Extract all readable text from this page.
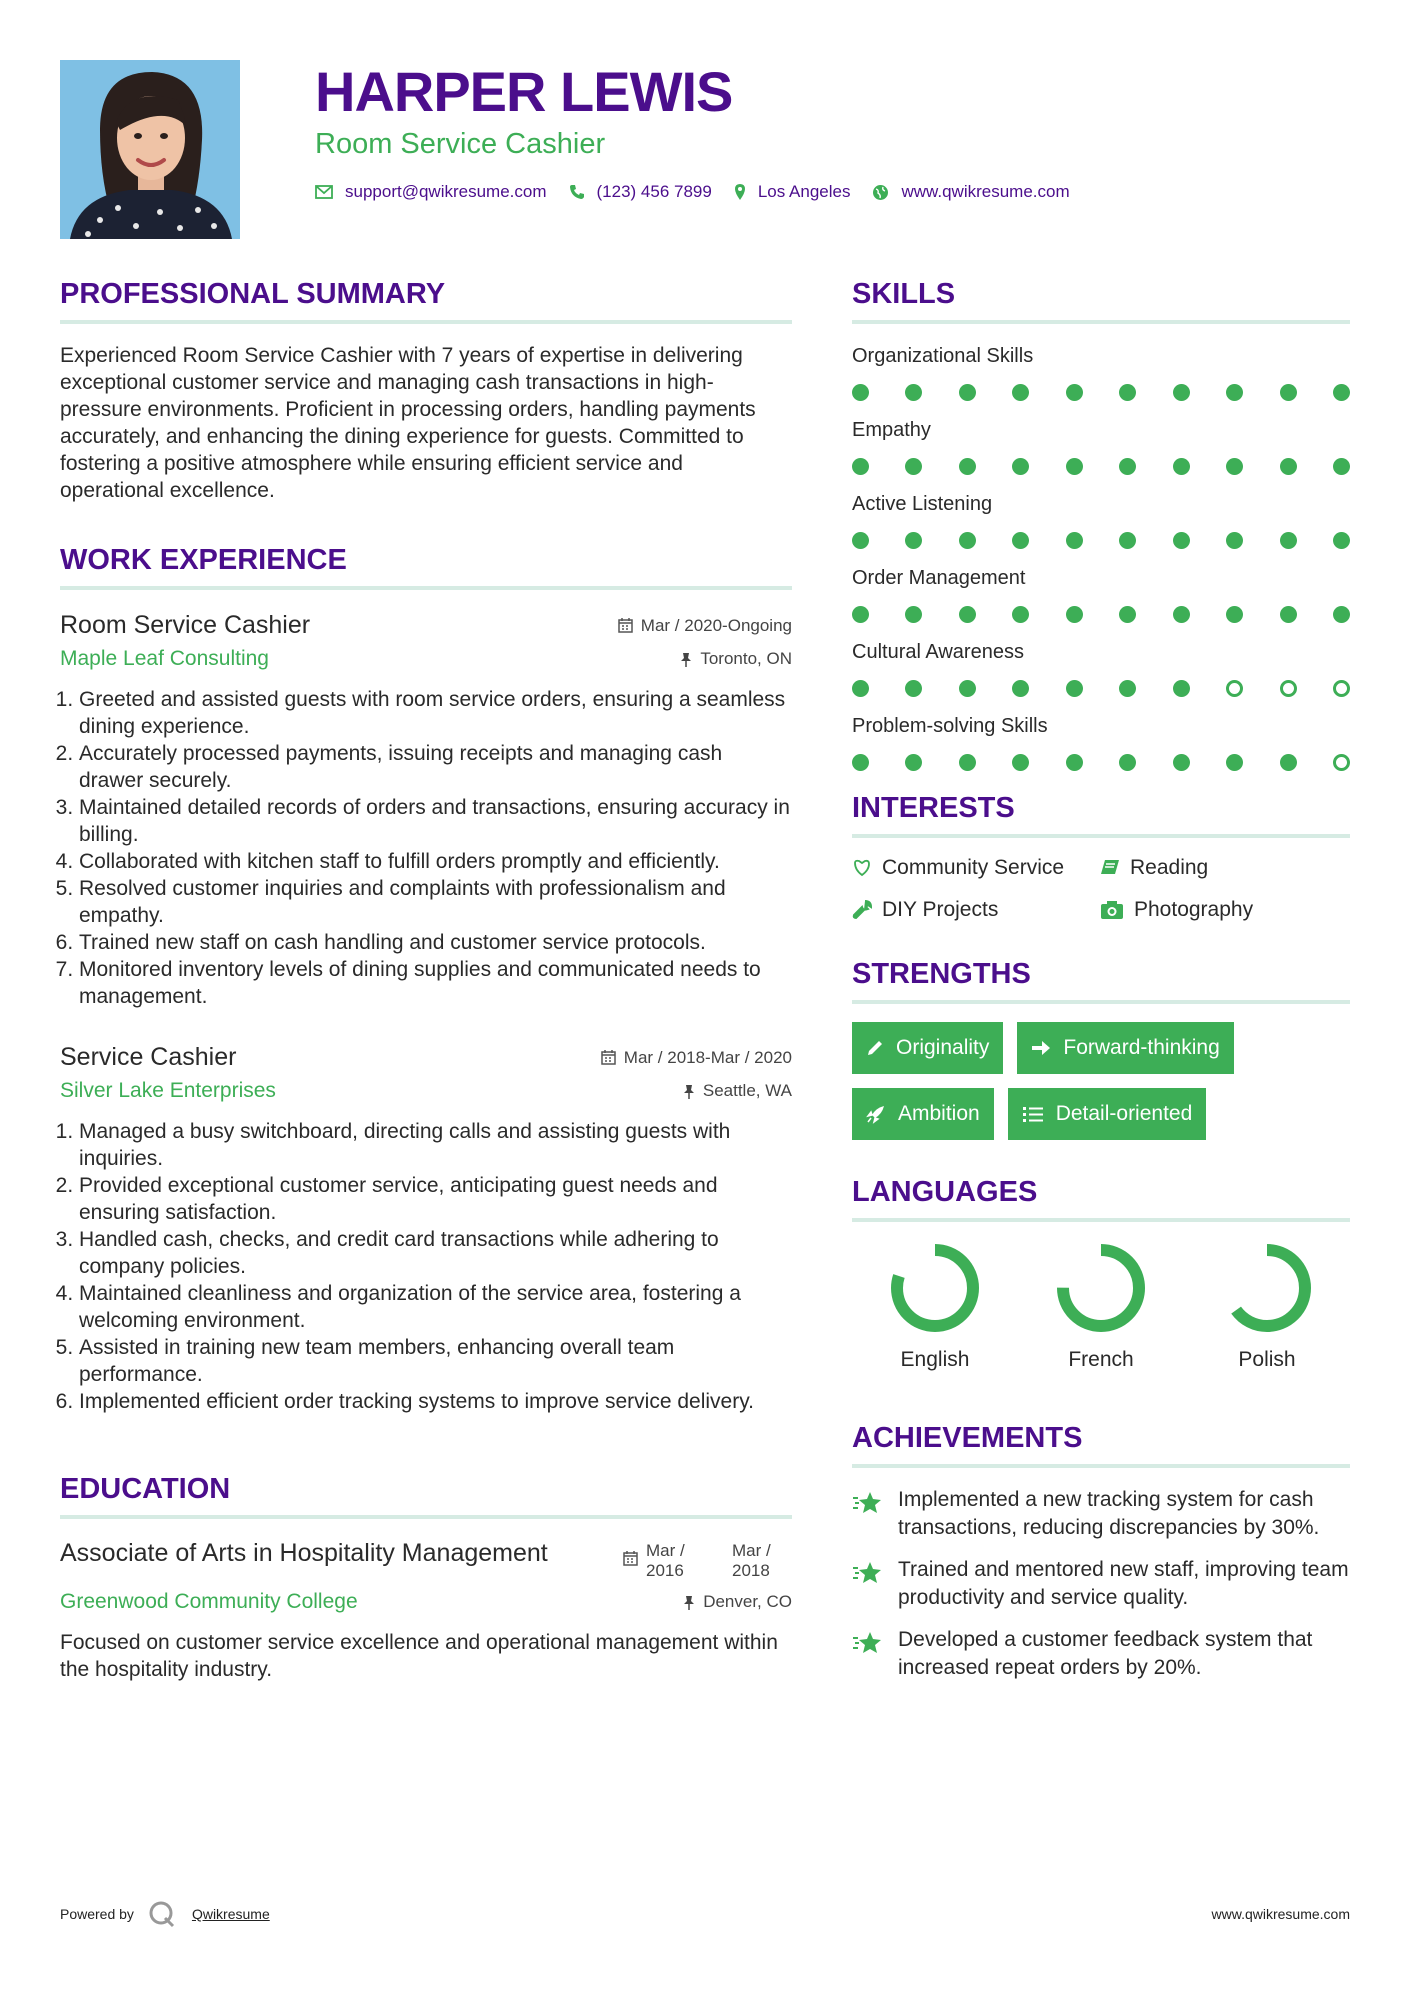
HARPER LEWIS
Room Service Cashier
support@qwikresume.com	(123) 456 7899	Los Angeles	www.qwikresume.com
PROFESSIONAL SUMMARY

Experienced Room Service Cashier with 7 years of expertise in delivering exceptional customer service and managing cash transactions in high-pressure environments. Proficient in processing orders, handling payments accurately, and enhancing the dining experience for guests. Committed to fostering a positive atmosphere while ensuring efficient service and operational excellence.

WORK EXPERIENCE
Room Service Cashier	Mar / 2020-Ongoing
Maple Leaf Consulting	Toronto, ON
1. Greeted and assisted guests with room service orders, ensuring a seamless dining experience.
2. Accurately processed payments, issuing receipts and managing cash drawer securely.
3. Maintained detailed records of orders and transactions, ensuring accuracy in billing.
4. Collaborated with kitchen staff to fulfill orders promptly and efficiently.
5. Resolved customer inquiries and complaints with professionalism and empathy.
6. Trained new staff on cash handling and customer service protocols.
7. Monitored inventory levels of dining supplies and communicated needs to management.
Service Cashier	Mar / 2018-Mar / 2020
Silver Lake Enterprises	Seattle, WA
1. Managed a busy switchboard, directing calls and assisting guests with inquiries.
2. Provided exceptional customer service, anticipating guest needs and ensuring satisfaction.
3. Handled cash, checks, and credit card transactions while adhering to company policies.
4. Maintained cleanliness and organization of the service area, fostering a welcoming environment.
5. Assisted in training new team members, enhancing overall team performance.
6. Implemented efficient order tracking systems to improve service delivery.
EDUCATION
Associate of Arts in Hospitality Management	Mar / 2016
Mar / 2018
Greenwood Community College	Denver, CO

Focused on customer service excellence and operational management within the hospitality industry.

SKILLS
Organizational Skills
Empathy
Active Listening
Order Management
Cultural Awareness
Problem-solving Skills
INTERESTS
Community Service	Reading
DIY Projects	Photography
STRENGTHS
Originality	Forward-thinking
Ambition	Detail-oriented
LANGUAGES
English	French	Polish
ACHIEVEMENTS
Implemented a new tracking system for cash transactions, reducing discrepancies by 30%.
Trained and mentored new staff, improving team productivity and service quality.
Developed a customer feedback system that increased repeat orders by 20%.
Powered by	Qwikresume	www.qwikresume.com
